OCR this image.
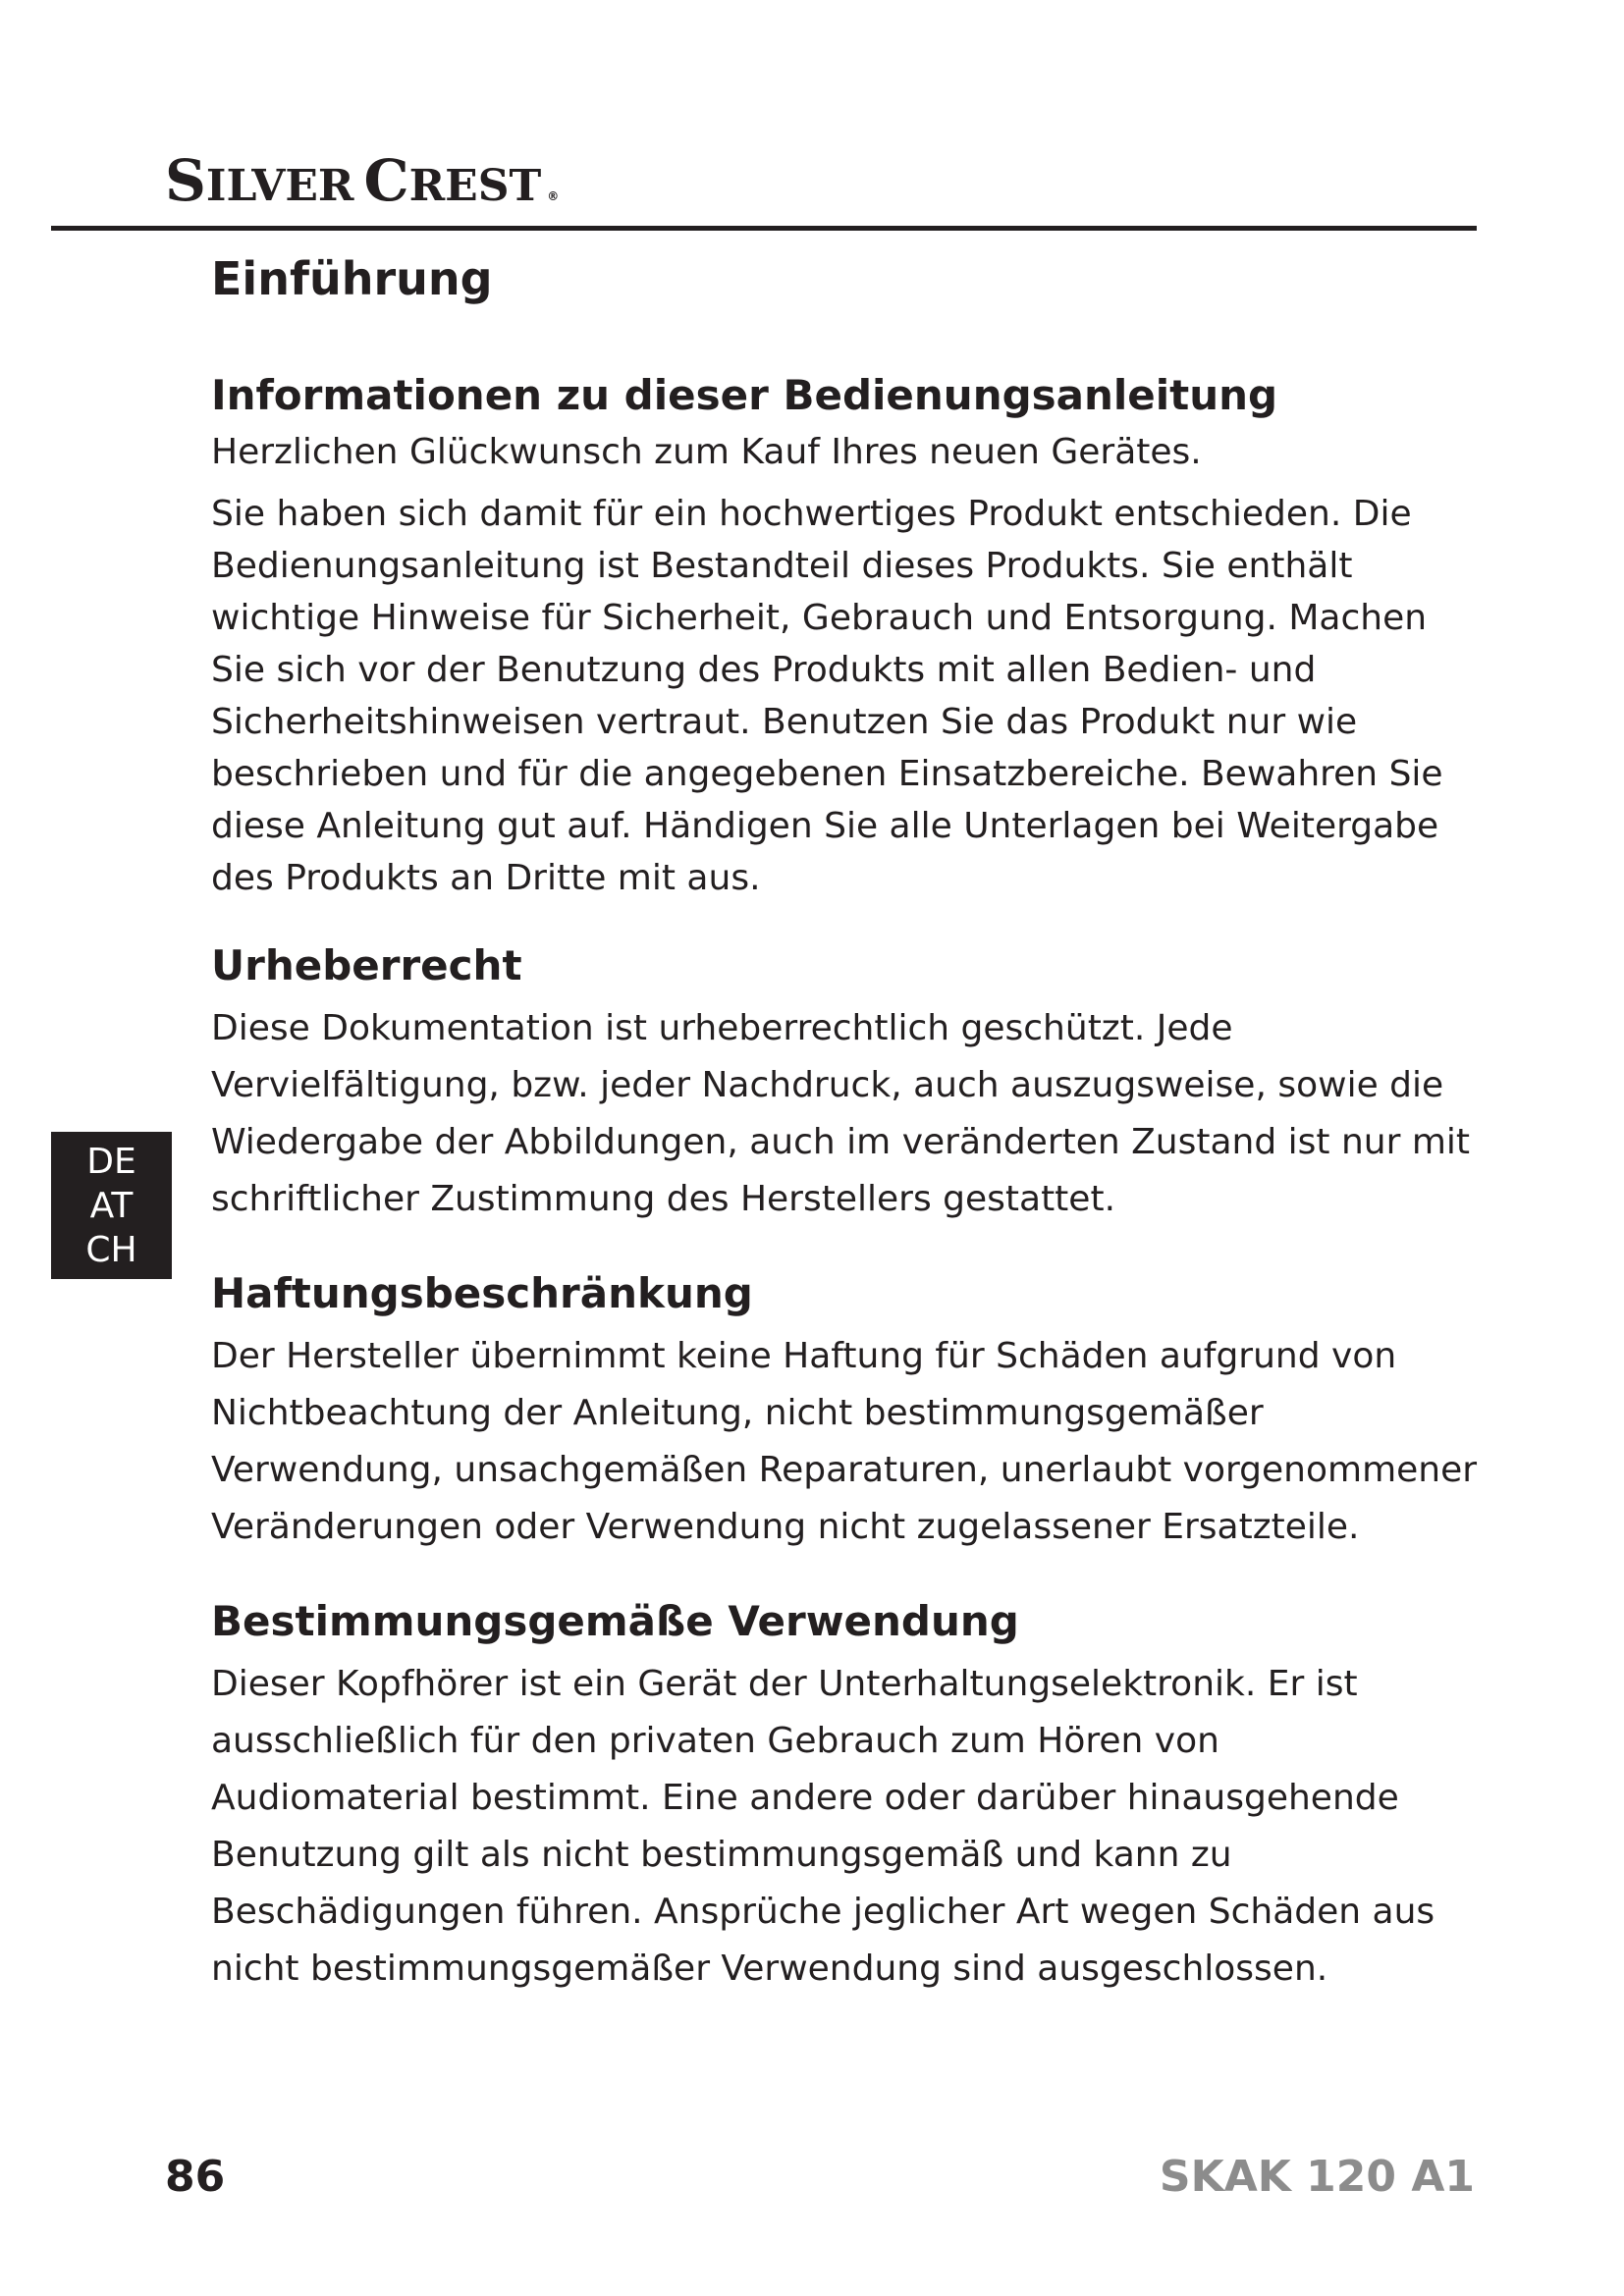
S ILVER C REST ®
Einführung
Informationen zu dieser Bedienungsanleitung

Herzlichen Glückwunsch zum Kauf Ihres neuen Gerätes.

Sie haben sich damit für ein hochwertiges Produkt entschieden. Die Bedienungsanleitung ist Bestandteil dieses Produkts. Sie enthält wichtige Hinweise für Sicherheit, Gebrauch und Entsorgung. Machen Sie sich vor der Benutzung des Produkts mit allen Bedien- und Sicherheitshinweisen vertraut. Benutzen Sie das Produkt nur wie beschrieben und für die angegebenen Einsatzbereiche. Bewahren Sie diese Anleitung gut auf. Händigen Sie alle Unterlagen bei Weitergabe des Produkts an Dritte mit aus.

Urheberrecht

Diese Dokumentation ist urheberrechtlich geschützt. Jede Vervielfältigung, bzw. jeder Nachdruck, auch auszugsweise, sowie die Wiedergabe der Abbildungen, auch im veränderten Zustand ist nur mit schriftlicher Zustimmung des Herstellers gestattet.

Haftungsbeschränkung

Der Hersteller übernimmt keine Haftung für Schäden aufgrund von Nichtbeachtung der Anleitung, nicht bestimmungsgemäßer Verwendung, unsachgemäßen Reparaturen, unerlaubt vorgenommener Veränderungen oder Verwendung nicht zugelassener Ersatzteile.

Bestimmungsgemäße Verwendung

Dieser Kopfhörer ist ein Gerät der Unterhaltungselektronik. Er ist ausschließlich für den privaten Gebrauch zum Hören von Audiomaterial bestimmt. Eine andere oder darüber hinausgehende Benutzung gilt als nicht bestimmungsgemäß und kann zu Beschädigungen führen. Ansprüche jeglicher Art wegen Schäden aus nicht bestimmungsgemäßer Verwendung sind ausgeschlossen.

DE
AT
CH
86	SKAK 120 A1
